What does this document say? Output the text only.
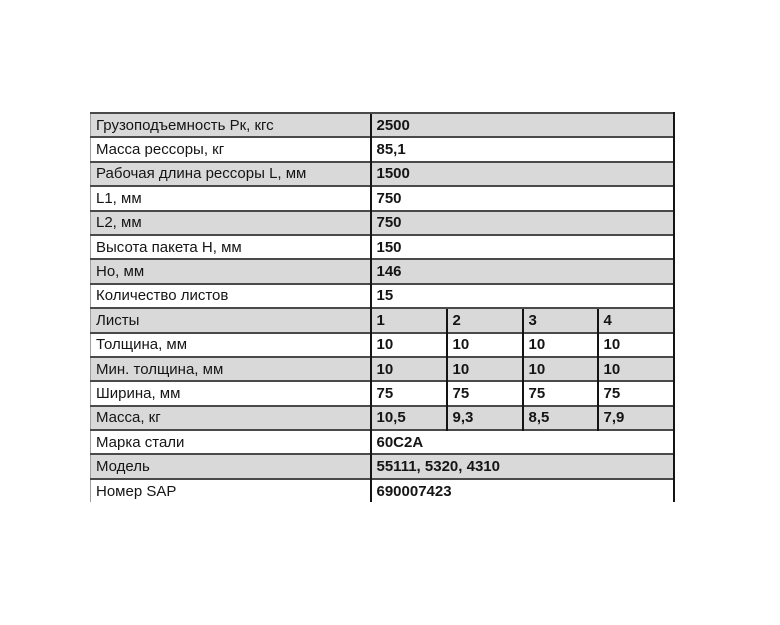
Грузоподъемность Рк, кгс	2500			
Масса рессоры, кг	85,1			
Рабочая длина рессоры L, мм	1500			
L1, мм	750			
L2, мм	750			
Высота пакета Н, мм	150			
Но, мм	146			
Количество листов	15			
Листы	1	2	3	4
Толщина, мм	10	10	10	10
Мин. толщина, мм	10	10	10	10
Ширина, мм	75	75	75	75
Масса, кг	10,5	9,3	8,5	7,9
Марка стали	60С2А			
Модель	55111, 5320, 4310			
Номер SAP	690007423			
